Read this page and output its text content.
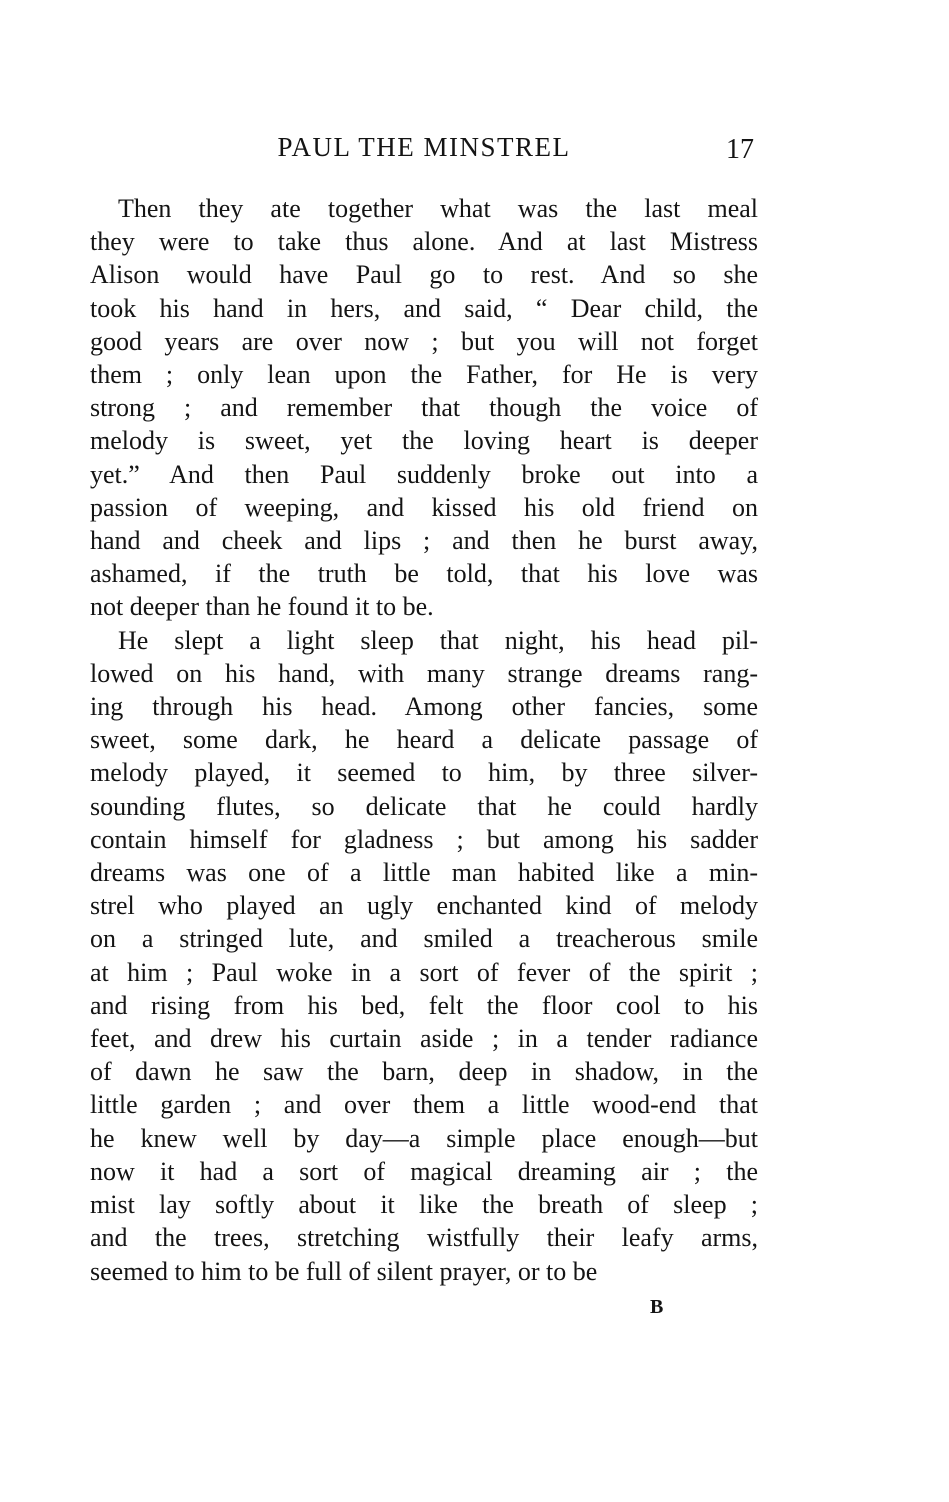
PAUL THE MINSTREL	17
Then they ate together what was the last meal
they were to take thus alone. And at last Mistress
Alison would have Paul go to rest. And so she
took his hand in hers, and said, “ Dear child, the
good years are over now ; but you will not forget
them ; only lean upon the Father, for He is very
strong ; and remember that though the voice of
melody is sweet, yet the loving heart is deeper
yet.” And then Paul suddenly broke out into a
passion of weeping, and kissed his old friend on
hand and cheek and lips ; and then he burst away,
ashamed, if the truth be told, that his love was
not deeper than he found it to be.
He slept a light sleep that night, his head pil-
lowed on his hand, with many strange dreams rang-
ing through his head. Among other fancies, some
sweet, some dark, he heard a delicate passage of
melody played, it seemed to him, by three silver-
sounding flutes, so delicate that he could hardly
contain himself for gladness ; but among his sadder
dreams was one of a little man habited like a min-
strel who played an ugly enchanted kind of melody
on a stringed lute, and smiled a treacherous smile
at him ; Paul woke in a sort of fever of the spirit ;
and rising from his bed, felt the floor cool to his
feet, and drew his curtain aside ; in a tender radiance
of dawn he saw the barn, deep in shadow, in the
little garden ; and over them a little wood-end that
he knew well by day—a simple place enough—but
now it had a sort of magical dreaming air ; the
mist lay softly about it like the breath of sleep ;
and the trees, stretching wistfully their leafy arms,
seemed to him to be full of silent prayer, or to be
B
